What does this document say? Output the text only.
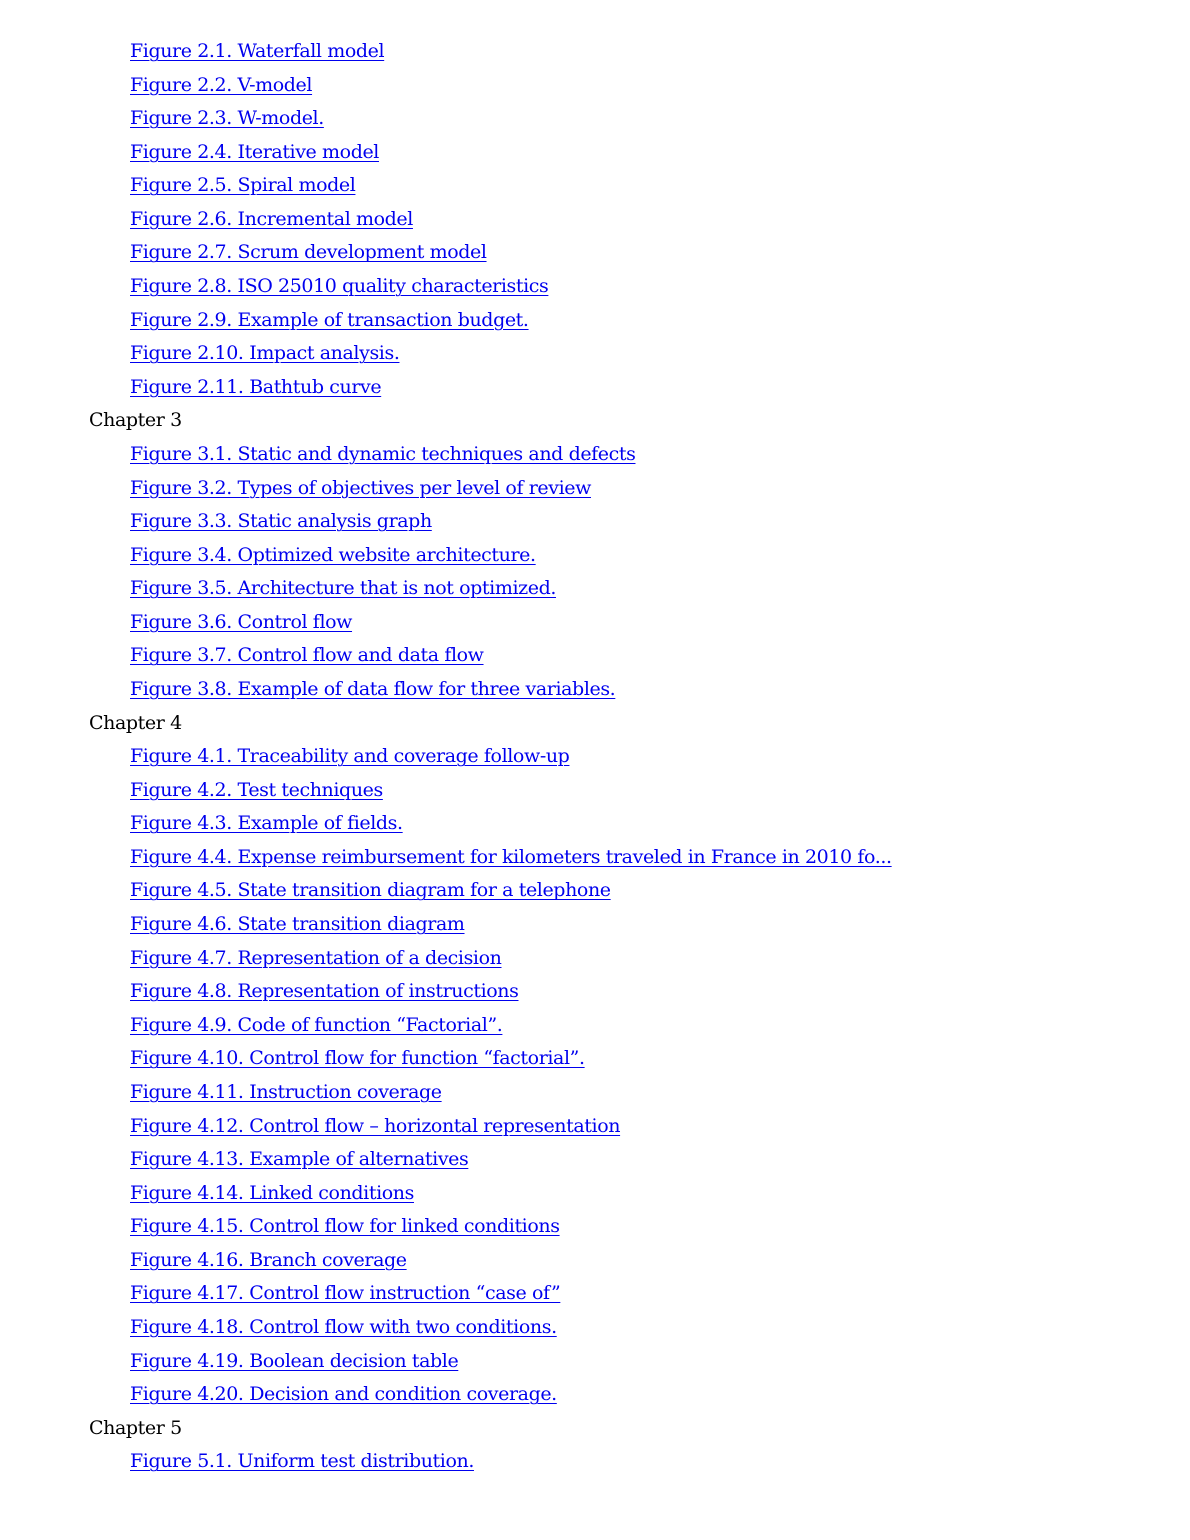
Figure 2.1. Waterfall model
Figure 2.2. V-model
Figure 2.3. W-model.
Figure 2.4. Iterative model
Figure 2.5. Spiral model
Figure 2.6. Incremental model
Figure 2.7. Scrum development model
Figure 2.8. ISO 25010 quality characteristics
Figure 2.9. Example of transaction budget.
Figure 2.10. Impact analysis.
Figure 2.11. Bathtub curve
Chapter 3
Figure 3.1. Static and dynamic techniques and defects
Figure 3.2. Types of objectives per level of review
Figure 3.3. Static analysis graph
Figure 3.4. Optimized website architecture.
Figure 3.5. Architecture that is not optimized.
Figure 3.6. Control flow
Figure 3.7. Control flow and data flow
Figure 3.8. Example of data flow for three variables.
Chapter 4
Figure 4.1. Traceability and coverage follow-up
Figure 4.2. Test techniques
Figure 4.3. Example of fields.
Figure 4.4. Expense reimbursement for kilometers traveled in France in 2010 fo...
Figure 4.5. State transition diagram for a telephone
Figure 4.6. State transition diagram
Figure 4.7. Representation of a decision
Figure 4.8. Representation of instructions
Figure 4.9. Code of function “Factorial”.
Figure 4.10. Control flow for function “factorial”.
Figure 4.11. Instruction coverage
Figure 4.12. Control flow – horizontal representation
Figure 4.13. Example of alternatives
Figure 4.14. Linked conditions
Figure 4.15. Control flow for linked conditions
Figure 4.16. Branch coverage
Figure 4.17. Control flow instruction “case of”
Figure 4.18. Control flow with two conditions.
Figure 4.19. Boolean decision table
Figure 4.20. Decision and condition coverage.
Chapter 5
Figure 5.1. Uniform test distribution.
